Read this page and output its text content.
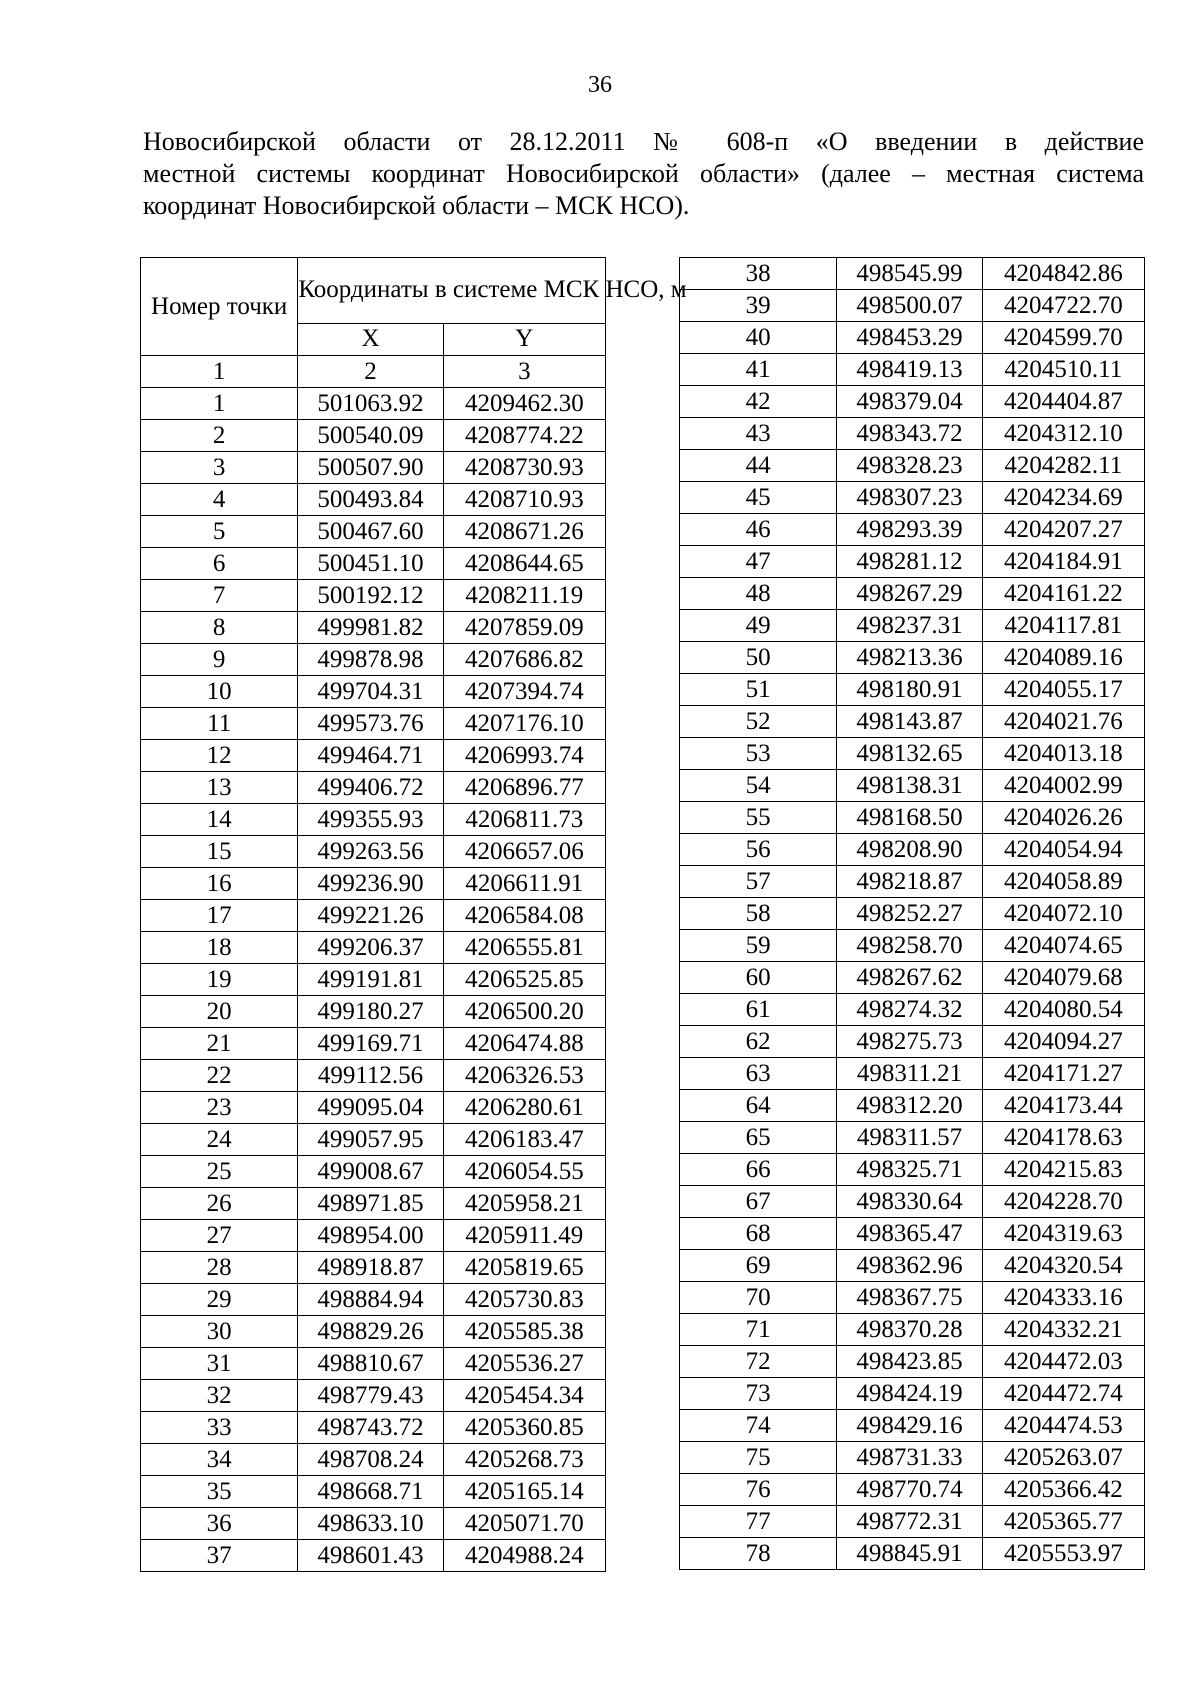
36

Новосибирской области от 28.12.2011 № 608-п «О введении в действие

местной системы координат Новосибирской области» (далее – местная система

координат Новосибирской области – МСК НСО).

Номер точки	Координаты в системе МСК НСО, м	
	X	Y
1	2	3
1	501063.92	4209462.30
2	500540.09	4208774.22
3	500507.90	4208730.93
4	500493.84	4208710.93
5	500467.60	4208671.26
6	500451.10	4208644.65
7	500192.12	4208211.19
8	499981.82	4207859.09
9	499878.98	4207686.82
10	499704.31	4207394.74
11	499573.76	4207176.10
12	499464.71	4206993.74
13	499406.72	4206896.77
14	499355.93	4206811.73
15	499263.56	4206657.06
16	499236.90	4206611.91
17	499221.26	4206584.08
18	499206.37	4206555.81
19	499191.81	4206525.85
20	499180.27	4206500.20
21	499169.71	4206474.88
22	499112.56	4206326.53
23	499095.04	4206280.61
24	499057.95	4206183.47
25	499008.67	4206054.55
26	498971.85	4205958.21
27	498954.00	4205911.49
28	498918.87	4205819.65
29	498884.94	4205730.83
30	498829.26	4205585.38
31	498810.67	4205536.27
32	498779.43	4205454.34
33	498743.72	4205360.85
34	498708.24	4205268.73
35	498668.71	4205165.14
36	498633.10	4205071.70
37	498601.43	4204988.24
38	498545.99	4204842.86
39	498500.07	4204722.70
40	498453.29	4204599.70
41	498419.13	4204510.11
42	498379.04	4204404.87
43	498343.72	4204312.10
44	498328.23	4204282.11
45	498307.23	4204234.69
46	498293.39	4204207.27
47	498281.12	4204184.91
48	498267.29	4204161.22
49	498237.31	4204117.81
50	498213.36	4204089.16
51	498180.91	4204055.17
52	498143.87	4204021.76
53	498132.65	4204013.18
54	498138.31	4204002.99
55	498168.50	4204026.26
56	498208.90	4204054.94
57	498218.87	4204058.89
58	498252.27	4204072.10
59	498258.70	4204074.65
60	498267.62	4204079.68
61	498274.32	4204080.54
62	498275.73	4204094.27
63	498311.21	4204171.27
64	498312.20	4204173.44
65	498311.57	4204178.63
66	498325.71	4204215.83
67	498330.64	4204228.70
68	498365.47	4204319.63
69	498362.96	4204320.54
70	498367.75	4204333.16
71	498370.28	4204332.21
72	498423.85	4204472.03
73	498424.19	4204472.74
74	498429.16	4204474.53
75	498731.33	4205263.07
76	498770.74	4205366.42
77	498772.31	4205365.77
78	498845.91	4205553.97
